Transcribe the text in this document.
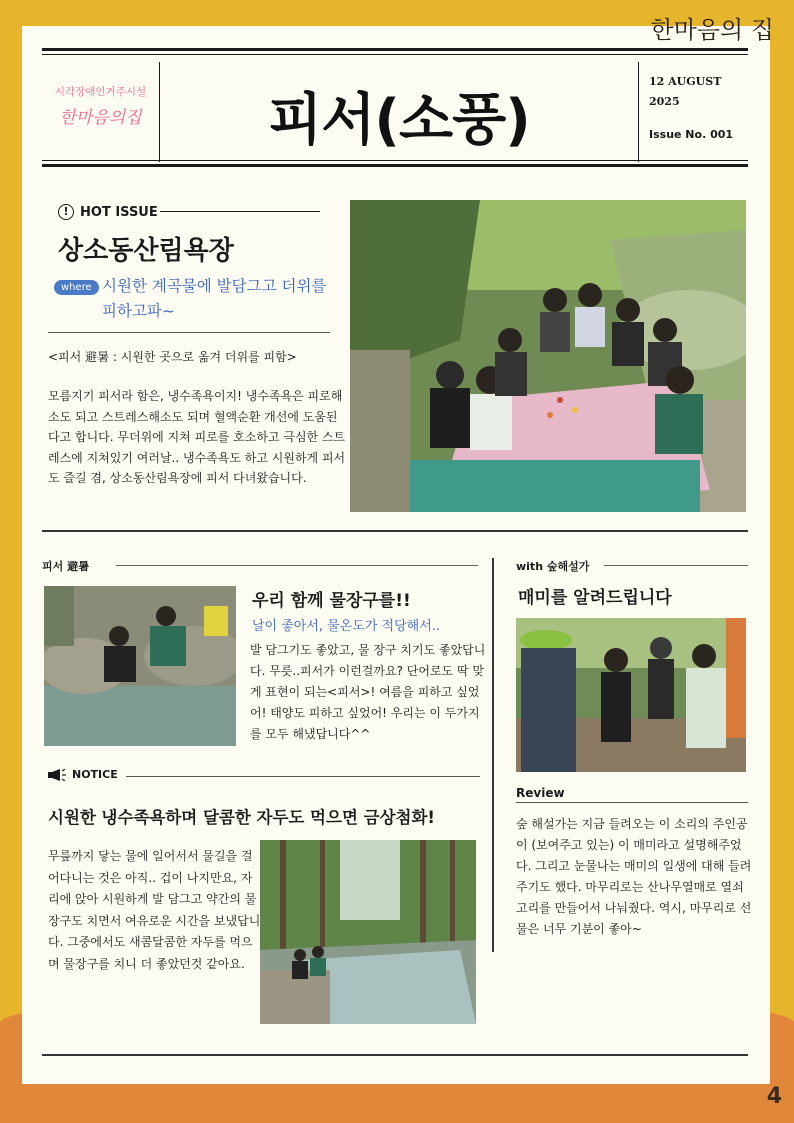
한마음의 집
시각장애인거주시설
한마음의집	피서(소풍)
12 AUGUST
2025
Issue No. 001
! HOT ISSUE
상소동산림욕장
where 시원한 계곡물에 발담그고 더위를 피하고파~
<피서 避暑 : 시원한 곳으로 옮겨 더위를 피함>
모름지기 피서라 함은, 냉수족욕이지! 냉수족욕은 피로해소도 되고 스트레스해소도 되며 혈액순환 개선에 도움된다고 합니다. 무더위에 지쳐 피로를 호소하고 극심한 스트레스에 지쳐있기 여러날.. 냉수족욕도 하고 시원하게 피서도 즐길 겸, 상소동산림욕장에 피서 다녀왔습니다.
피서 避暑
우리 함께 물장구를!!
날이 좋아서, 물온도가 적당해서..
발 담그기도 좋았고, 물 장구 치기도 좋았답니다. 무릇..피서가 이런걸까요? 단어로도 딱 맞게 표현이 되는<피서>! 여름을 피하고 싶었어! 태양도 피하고 싶었어! 우리는 이 두가지를 모두 해냈답니다^^
NOTICE
시원한 냉수족욕하며 달콤한 자두도 먹으면 금상첨화!
무릎까지 닿는 물에 일어서서 물길을 걸어다니는 것은 아직.. 겁이 나지만요, 자리에 앉아 시원하게 발 담그고 약간의 물장구도 치면서 여유로운 시간을 보냈답니다. 그중에서도 새콤달콤한 자두를 먹으며 물장구를 치니 더 좋았던것 같아요.
with 숲해설가
매미를 알려드립니다
Review
숲 해설가는 지금 들려오는 이 소리의 주인공이 (보여주고 있는) 이 매미라고 설명해주었다. 그리고 눈물나는 매미의 일생에 대해 들려주기도 했다. 마무리로는 산나무열매로 열쇠고리를 만들어서 나눠줬다. 역시, 마무리로 선물은 너무 기분이 좋아~
4
